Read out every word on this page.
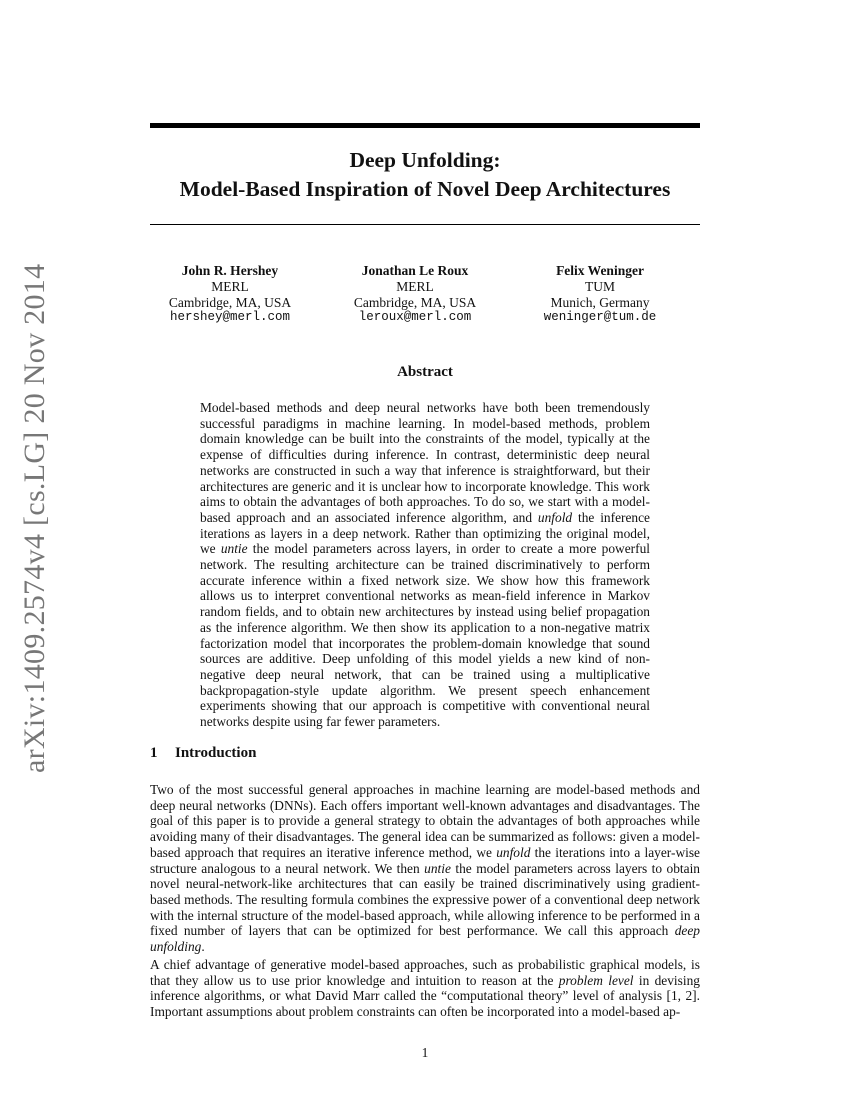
arXiv:1409.2574v4 [cs.LG] 20 Nov 2014
Deep Unfolding:
Model-Based Inspiration of Novel Deep Architectures
John R. Hershey
MERL
Cambridge, MA, USA
hershey@merl.com
Jonathan Le Roux
MERL
Cambridge, MA, USA
leroux@merl.com
Felix Weninger
TUM
Munich, Germany
weninger@tum.de
Abstract
Model-based methods and deep neural networks have both been tremendously successful paradigms in machine learning. In model-based methods, problem domain knowledge can be built into the constraints of the model, typically at the expense of difficulties during inference. In contrast, deterministic deep neural networks are constructed in such a way that inference is straightforward, but their architectures are generic and it is unclear how to incorporate knowledge. This work aims to obtain the advantages of both approaches. To do so, we start with a model-based approach and an associated inference algorithm, and unfold the inference iterations as layers in a deep network. Rather than optimizing the original model, we untie the model parameters across layers, in order to create a more powerful network. The resulting architecture can be trained discriminatively to perform accurate inference within a fixed network size. We show how this framework allows us to interpret conventional networks as mean-field inference in Markov random fields, and to obtain new architectures by instead using belief propagation as the inference algorithm. We then show its application to a non-negative matrix factorization model that incorporates the problem-domain knowledge that sound sources are additive. Deep unfolding of this model yields a new kind of non-negative deep neural network, that can be trained using a multiplicative backpropagation-style update algorithm. We present speech enhancement experiments showing that our approach is competitive with conventional neural networks despite using far fewer parameters.
1 Introduction
Two of the most successful general approaches in machine learning are model-based methods and deep neural networks (DNNs). Each offers important well-known advantages and disadvantages. The goal of this paper is to provide a general strategy to obtain the advantages of both approaches while avoiding many of their disadvantages. The general idea can be summarized as follows: given a model-based approach that requires an iterative inference method, we unfold the iterations into a layer-wise structure analogous to a neural network. We then untie the model parameters across layers to obtain novel neural-network-like architectures that can easily be trained discriminatively using gradient-based methods. The resulting formula combines the expressive power of a conventional deep network with the internal structure of the model-based approach, while allowing inference to be performed in a fixed number of layers that can be optimized for best performance. We call this approach deep unfolding.
A chief advantage of generative model-based approaches, such as probabilistic graphical models, is that they allow us to use prior knowledge and intuition to reason at the problem level in devising inference algorithms, or what David Marr called the “computational theory” level of analysis [1, 2]. Important assumptions about problem constraints can often be incorporated into a model-based ap-
1
